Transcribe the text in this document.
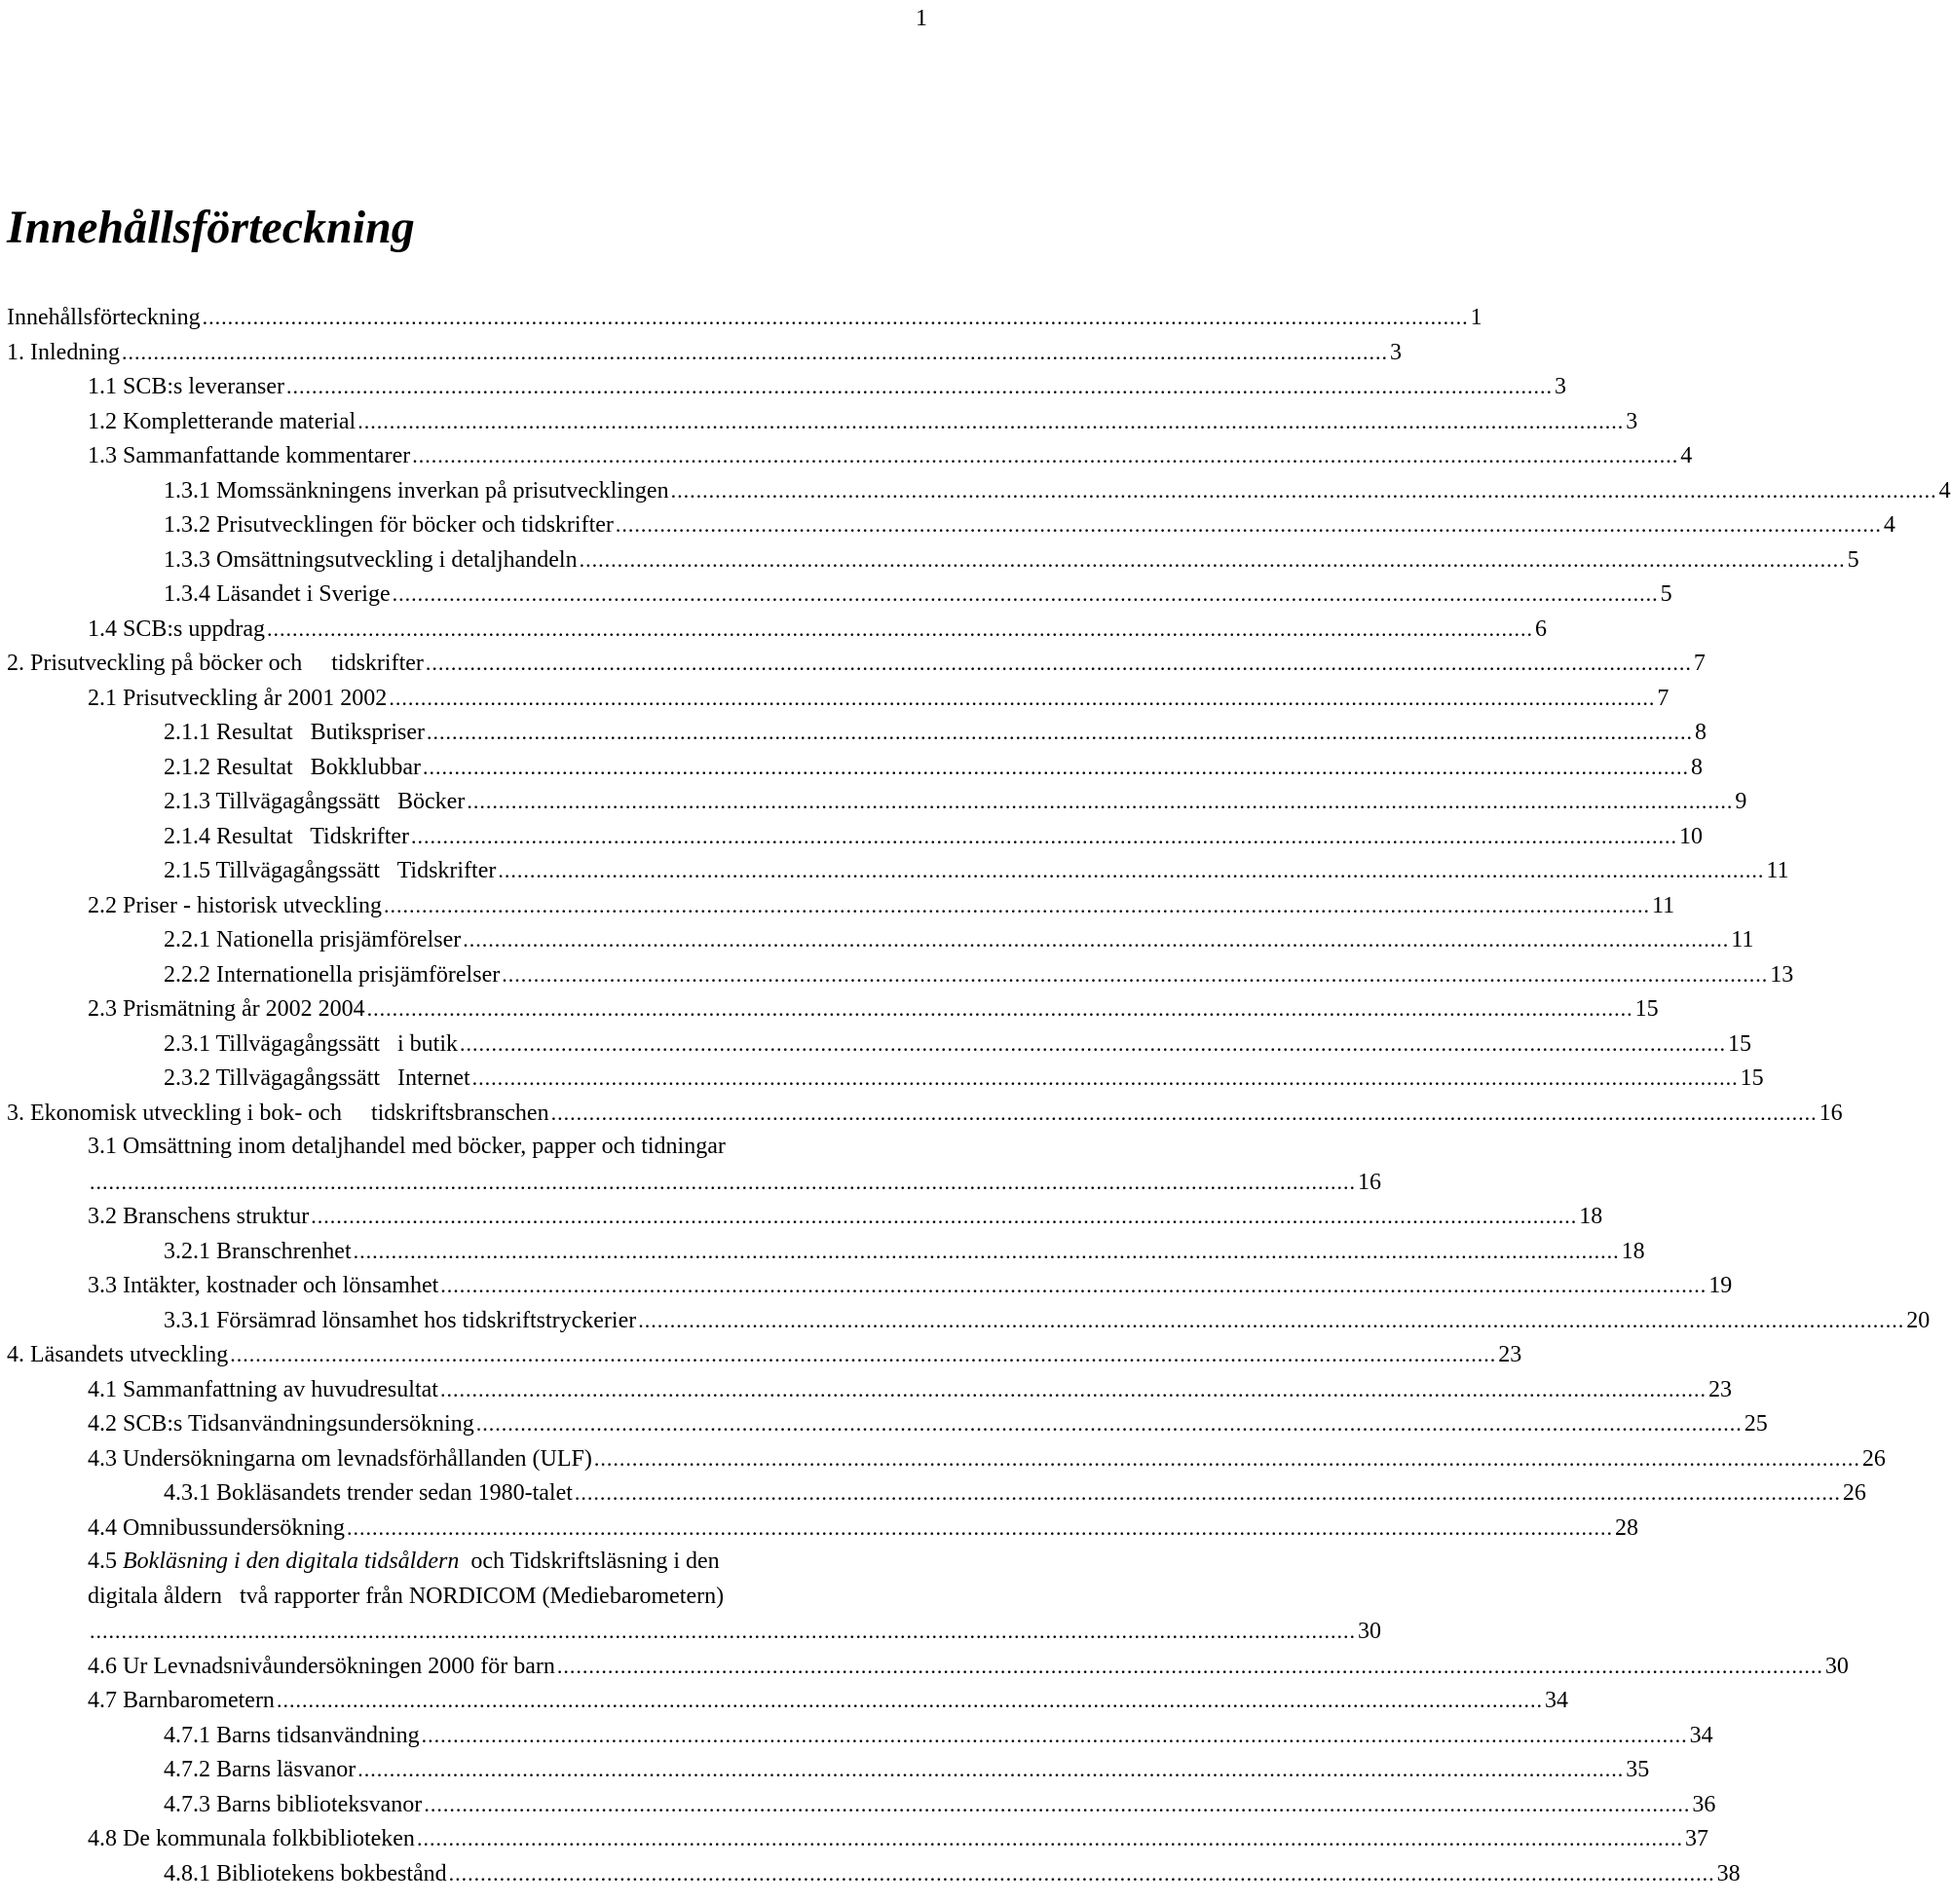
1
Innehållsförteckning
Innehållsförteckning ........................................................................................................................................................................................................ 1
1. Inledning ........................................................................................................................................................................................................ 3
1.1 SCB:s leveranser ........................................................................................................................................................................................................ 3
1.2 Kompletterande material ........................................................................................................................................................................................................ 3
1.3 Sammanfattande kommentarer ........................................................................................................................................................................................................ 4
1.3.1 Momssänkningens inverkan på prisutvecklingen ........................................................................................................................................................................................................ 4
1.3.2 Prisutvecklingen för böcker och tidskrifter ........................................................................................................................................................................................................ 4
1.3.3 Omsättningsutveckling i detaljhandeln ........................................................................................................................................................................................................ 5
1.3.4 Läsandet i Sverige ........................................................................................................................................................................................................ 5
1.4 SCB:s uppdrag ........................................................................................................................................................................................................ 6
2. Prisutveckling på böcker och     tidskrifter ........................................................................................................................................................................................................ 7
2.1 Prisutveckling år 2001 2002 ........................................................................................................................................................................................................ 7
2.1.1 Resultat   Butikspriser ........................................................................................................................................................................................................ 8
2.1.2 Resultat   Bokklubbar ........................................................................................................................................................................................................ 8
2.1.3 Tillvägagångssätt   Böcker ........................................................................................................................................................................................................ 9
2.1.4 Resultat   Tidskrifter ........................................................................................................................................................................................................ 10
2.1.5 Tillvägagångssätt   Tidskrifter ........................................................................................................................................................................................................ 11
2.2 Priser - historisk utveckling ........................................................................................................................................................................................................ 11
2.2.1 Nationella prisjämförelser ........................................................................................................................................................................................................ 11
2.2.2 Internationella prisjämförelser ........................................................................................................................................................................................................ 13
2.3 Prismätning år 2002 2004 ........................................................................................................................................................................................................ 15
2.3.1 Tillvägagångssätt   i butik ........................................................................................................................................................................................................ 15
2.3.2 Tillvägagångssätt   Internet ........................................................................................................................................................................................................ 15
3. Ekonomisk utveckling i bok- och     tidskriftsbranschen ........................................................................................................................................................................................................ 16
3.1 Omsättning inom detaljhandel med böcker, papper och tidningar
........................................................................................................................................................................................................ 16
3.2 Branschens struktur ........................................................................................................................................................................................................ 18
3.2.1 Branschrenhet ........................................................................................................................................................................................................ 18
3.3 Intäkter, kostnader och lönsamhet ........................................................................................................................................................................................................ 19
3.3.1 Försämrad lönsamhet hos tidskriftstryckerier ........................................................................................................................................................................................................ 20
4. Läsandets utveckling ........................................................................................................................................................................................................ 23
4.1 Sammanfattning av huvudresultat ........................................................................................................................................................................................................ 23
4.2 SCB:s Tidsanvändningsundersökning ........................................................................................................................................................................................................ 25
4.3 Undersökningarna om levnadsförhållanden (ULF) ........................................................................................................................................................................................................ 26
4.3.1 Bokläsandets trender sedan 1980-talet ........................................................................................................................................................................................................ 26
4.4 Omnibussundersökning ........................................................................................................................................................................................................ 28
4.5 Bokläsning i den digitala tidsåldern  och Tidskriftsläsning i den
digitala åldern   två rapporter från NORDICOM (Mediebarometern)
........................................................................................................................................................................................................ 30
4.6 Ur Levnadsnivåundersökningen 2000 för barn ........................................................................................................................................................................................................ 30
4.7 Barnbarometern ........................................................................................................................................................................................................ 34
4.7.1 Barns tidsanvändning ........................................................................................................................................................................................................ 34
4.7.2 Barns läsvanor ........................................................................................................................................................................................................ 35
4.7.3 Barns biblioteksvanor ........................................................................................................................................................................................................ 36
4.8 De kommunala folkbiblioteken ........................................................................................................................................................................................................ 37
4.8.1 Bibliotekens bokbestånd ........................................................................................................................................................................................................ 38
